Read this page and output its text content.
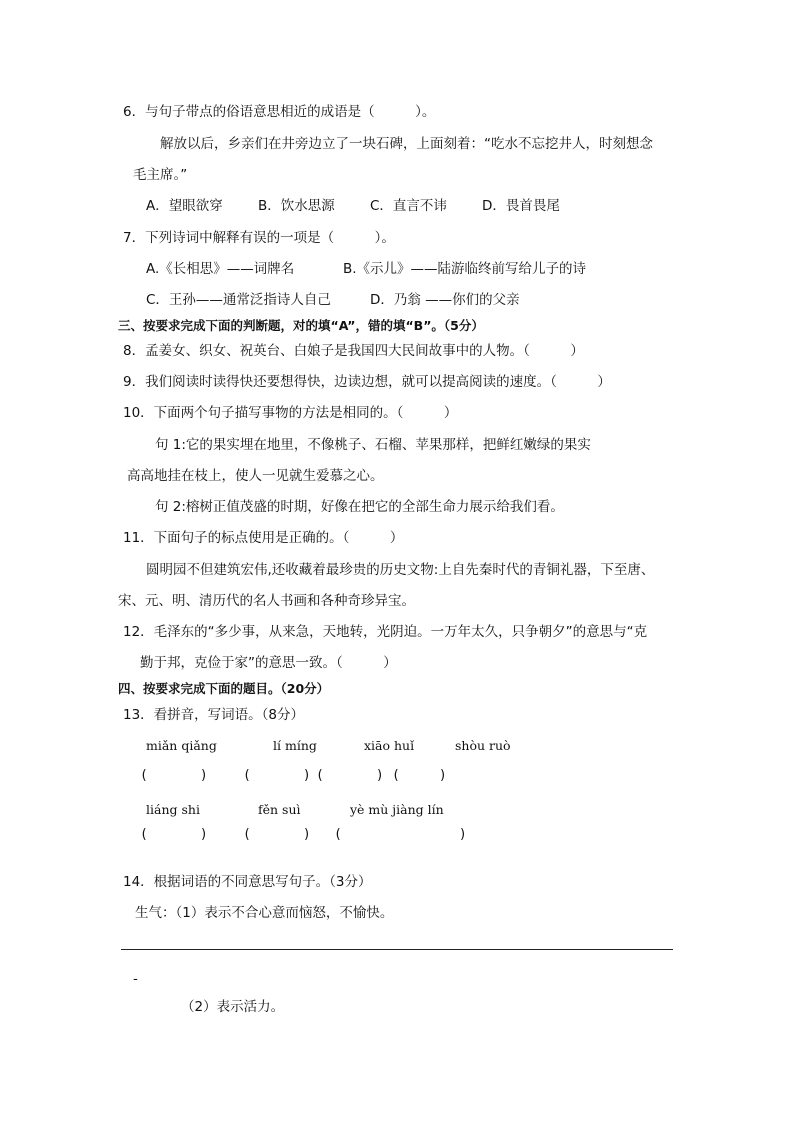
6．与句子带点的俗语意思相近的成语是（　　　）。
解放以后，乡亲们在井旁边立了一块石碑，上面刻着：“吃水不忘挖井人，时刻想念
毛主席。”
A．望眼欲穿	B．饮水思源	C．直言不讳	D．畏首畏尾
7．下列诗词中解释有误的一项是（　　　）。
A.《长相思》——词牌名	B.《示儿》——陆游临终前写给儿子的诗
C．王孙——通常泛指诗人自己	D．乃翁 ——你们的父亲
三、按要求完成下面的判断题，对的填“A”，错的填“B”。（5分）
8．孟姜女、织女、祝英台、白娘子是我国四大民间故事中的人物。（　　　）
9．我们阅读时读得快还要想得快，边读边想，就可以提高阅读的速度。（　　　）
10．下面两个句子描写事物的方法是相同的。（　　　）
句 1:它的果实埋在地里，不像桃子、石榴、苹果那样，把鲜红嫩绿的果实
高高地挂在枝上，使人一见就生爱慕之心。
句 2:榕树正值茂盛的时期，好像在把它的全部生命力展示给我们看。
11．下面句子的标点使用是正确的。（　　　）
圆明园不但建筑宏伟,还收藏着最珍贵的历史文物:上自先秦时代的青铜礼器，下至唐、
宋、元、明、清历代的名人书画和各种奇珍异宝。
12．毛泽东的“多少事，从来急，天地转，光阴迫。一万年太久，只争朝夕”的意思与“克
勤于邦，克俭于家”的意思一致。（　　　）
四、按要求完成下面的题目。（20分）
13．看拼音，写词语。（8分）
miǎn qiǎng	lí míng	xiāo huǐ	shòu ruò
(　　　　)	(　　　　) (　　　　) (　　　)
liáng shi	fěn suì	yè mù jiàng lín
(　　　　)	(　　　　) (　　　　　　　　　)
14．根据词语的不同意思写句子。（3分）
生气：（1）表示不合心意而恼怒，不愉快。
-
（2）表示活力。
